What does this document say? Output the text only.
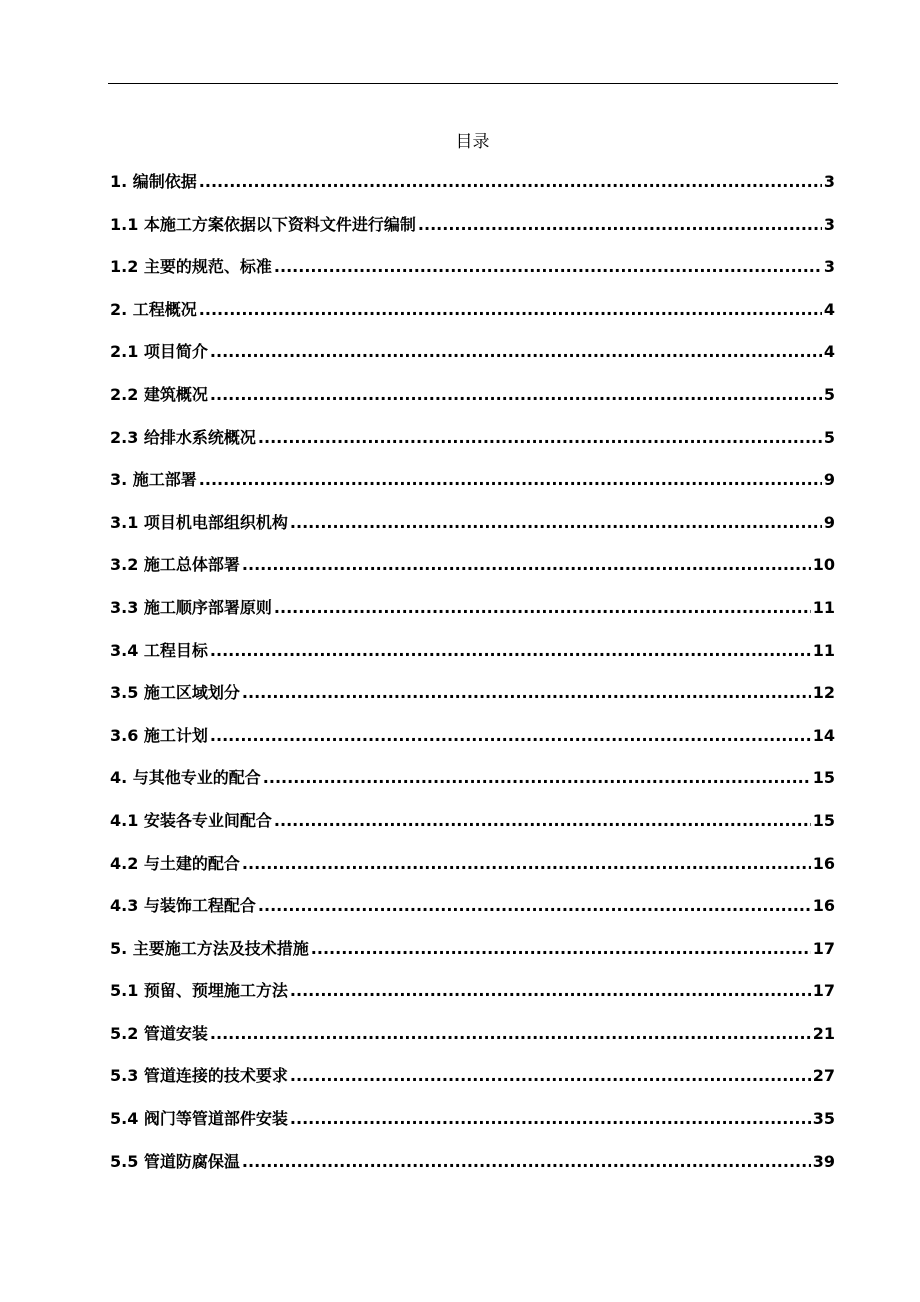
目录
1. 编制依据 .....	3
1.1 本施工方案依据以下资料文件进行编制 .....	3
1.2 主要的规范、标准 .....	3
2. 工程概况 .....	4
2.1 项目简介 .....	4
2.2 建筑概况 .....	5
2.3 给排水系统概况 .....	5
3. 施工部署 .....	9
3.1 项目机电部组织机构 .....	9
3.2 施工总体部署 .....	10
3.3 施工顺序部署原则 .....	11
3.4 工程目标 .....	11
3.5 施工区域划分 .....	12
3.6 施工计划 .....	14
4. 与其他专业的配合 .....	15
4.1 安装各专业间配合 .....	15
4.2 与土建的配合 .....	16
4.3 与装饰工程配合 .....	16
5. 主要施工方法及技术措施 .....	17
5.1 预留、预埋施工方法 .....	17
5.2 管道安装 .....	21
5.3 管道连接的技术要求 .....	27
5.4 阀门等管道部件安装 .....	35
5.5 管道防腐保温 .....	39
